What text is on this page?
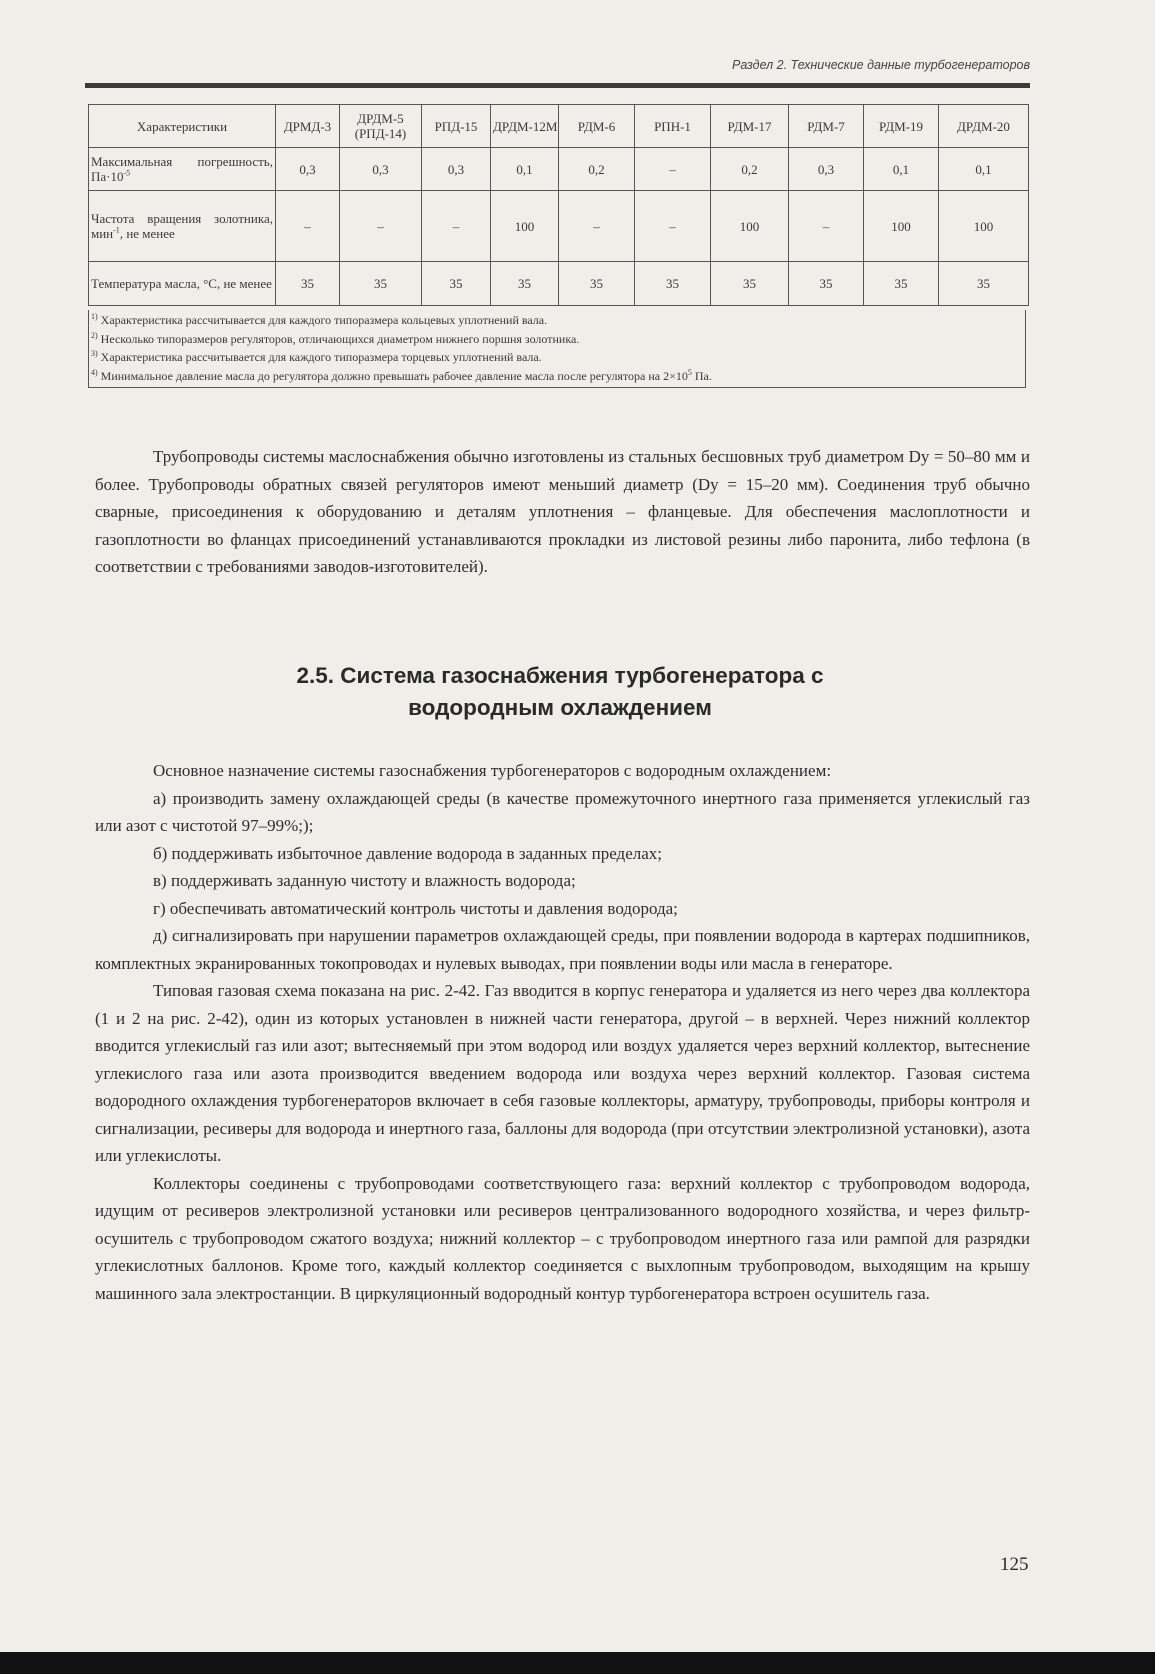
Раздел 2. Технические данные турбогенераторов
Характеристики	ДРМД-3	ДРДМ-5 (РПД-14)	РПД-15	ДРДМ-12М	РДМ-6	РПН-1	РДМ-17	РДМ-7	РДМ-19	ДРДМ-20
Максимальная погрешность, $Па\cdot 10^{-5}$	0,3	0,3	0,3	0,1	0,2	–	0,2	0,3	0,1	0,1
Частота вращения золотника, мин$^{-1}$, не менее	–	–	–	100	–	–	100	–	100	100
Температура масла, °С, не менее	35	35	35	35	35	35	35	35	35	35
$^{1)}$ Характеристика рассчитывается для каждого типоразмера кольцевых уплотнений вала.
$^{2)}$ Несколько типоразмеров регуляторов, отличающихся диаметром нижнего поршня золотника.
$^{3)}$ Характеристика рассчитывается для каждого типоразмера торцевых уплотнений вала.
$^{4)}$ Минимальное давление масла до регулятора должно превышать рабочее давление масла после регулятора на $2\times 10^5$ Па.

Трубопроводы системы маслоснабжения обычно изготовлены из стальных бесшовных труб диаметром Dу = 50–80 мм и более. Трубопроводы обратных связей регуляторов имеют меньший диаметр (Dу = 15–20 мм). Соединения труб обычно сварные, присоединения к оборудованию и деталям уплотнения – фланцевые. Для обеспечения маслоплотности и газоплотности во фланцах присоединений устанавливаются прокладки из листовой резины либо паронита, либо тефлона (в соответствии с требованиями заводов-изготовителей).

2.5. Система газоснабжения турбогенератора с
водородным охлаждением

Основное назначение системы газоснабжения турбогенераторов с водородным охлаждением:

а) производить замену охлаждающей среды (в качестве промежуточного инертного газа применяется углекислый газ или азот с чистотой 97–99%;);

б) поддерживать избыточное давление водорода в заданных пределах;

в) поддерживать заданную чистоту и влажность водорода;

г) обеспечивать автоматический контроль чистоты и давления водорода;

д) сигнализировать при нарушении параметров охлаждающей среды, при появлении водорода в картерах подшипников, комплектных экранированных токопроводах и нулевых выводах, при появлении воды или масла в генераторе.

Типовая газовая схема показана на рис. 2-42. Газ вводится в корпус генератора и удаляется из него через два коллектора (1 и 2 на рис. 2-42), один из которых установлен в нижней части генератора, другой – в верхней. Через нижний коллектор вводится углекислый газ или азот; вытесняемый при этом водород или воздух удаляется через верхний коллектор, вытеснение углекислого газа или азота производится введением водорода или воздуха через верхний коллектор. Газовая система водородного охлаждения турбогенераторов включает в себя газовые коллекторы, арматуру, трубопроводы, приборы контроля и сигнализации, ресиверы для водорода и инертного газа, баллоны для водорода (при отсутствии электролизной установки), азота или углекислоты.

Коллекторы соединены с трубопроводами соответствующего газа: верхний коллектор с трубопроводом водорода, идущим от ресиверов электролизной установки или ресиверов централизованного водородного хозяйства, и через фильтр-осушитель с трубопроводом сжатого воздуха; нижний коллектор – с трубопроводом инертного газа или рампой для разрядки углекислотных баллонов. Кроме того, каждый коллектор соединяется с выхлопным трубопроводом, выходящим на крышу машинного зала электростанции. В циркуляционный водородный контур турбогенератора встроен осушитель газа.

125
